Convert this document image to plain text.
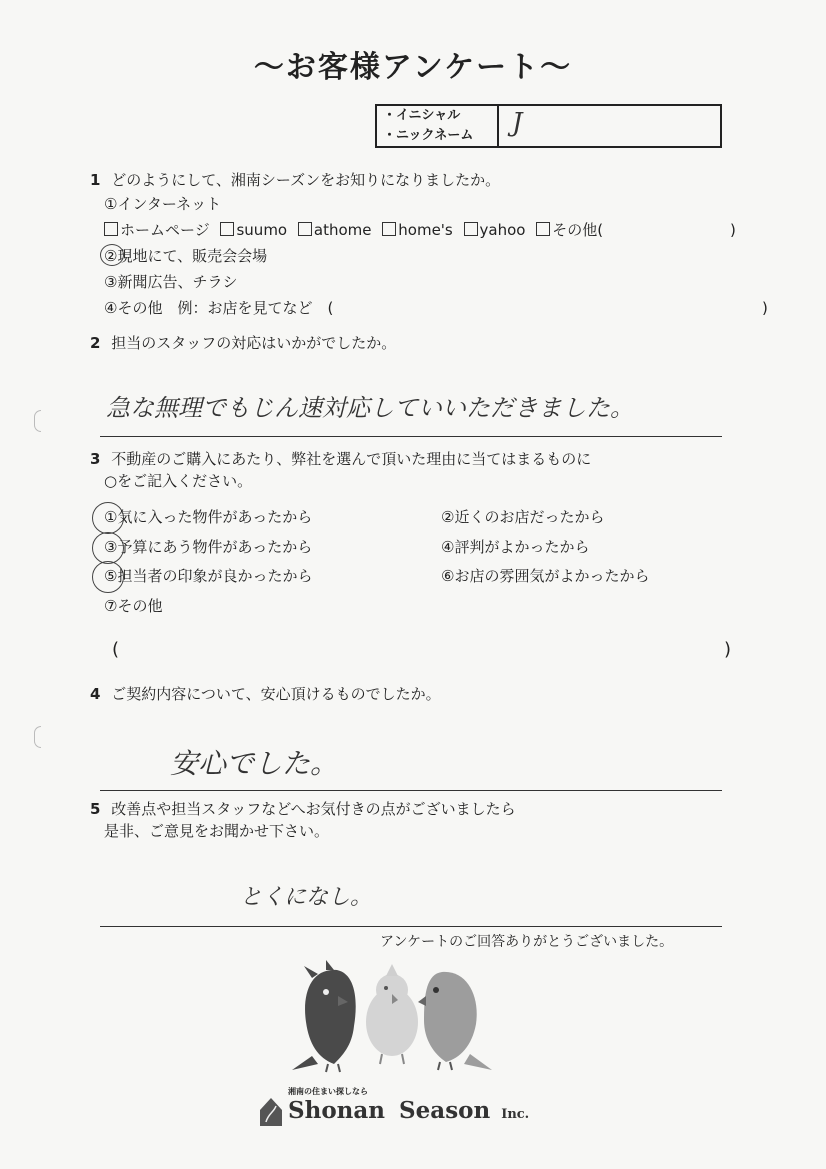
〜お客様アンケート〜
・イニシャル
・ニックネーム	J
1 どのようにして、湘南シーズンをお知りになりましたか。
①インターネット
ホームページ suumo athome home's yahoo その他(	)
②現地にて、販売会会場
③新聞広告、チラシ
④その他　例：お店を見てなど　(	)
2 担当のスタッフの対応はいかがでしたか。
急な無理でもじん速対応していいただきました。
3 不動産のご購入にあたり、弊社を選んで頂いた理由に当てはまるものに
○をご記入ください。
①気に入った物件があったから	②近くのお店だったから
③予算にあう物件があったから	④評判がよかったから
⑤担当者の印象が良かったから	⑥お店の雰囲気がよかったから
⑦その他
(	)
4 ご契約内容について、安心頂けるものでしたか。
安心でした。
5 改善点や担当スタッフなどへお気付きの点がございましたら
是非、ご意見をお聞かせ下さい。
とくになし。
アンケートのご回答ありがとうございました。
湘南の住まい探しなら
Shonan Season Inc.
